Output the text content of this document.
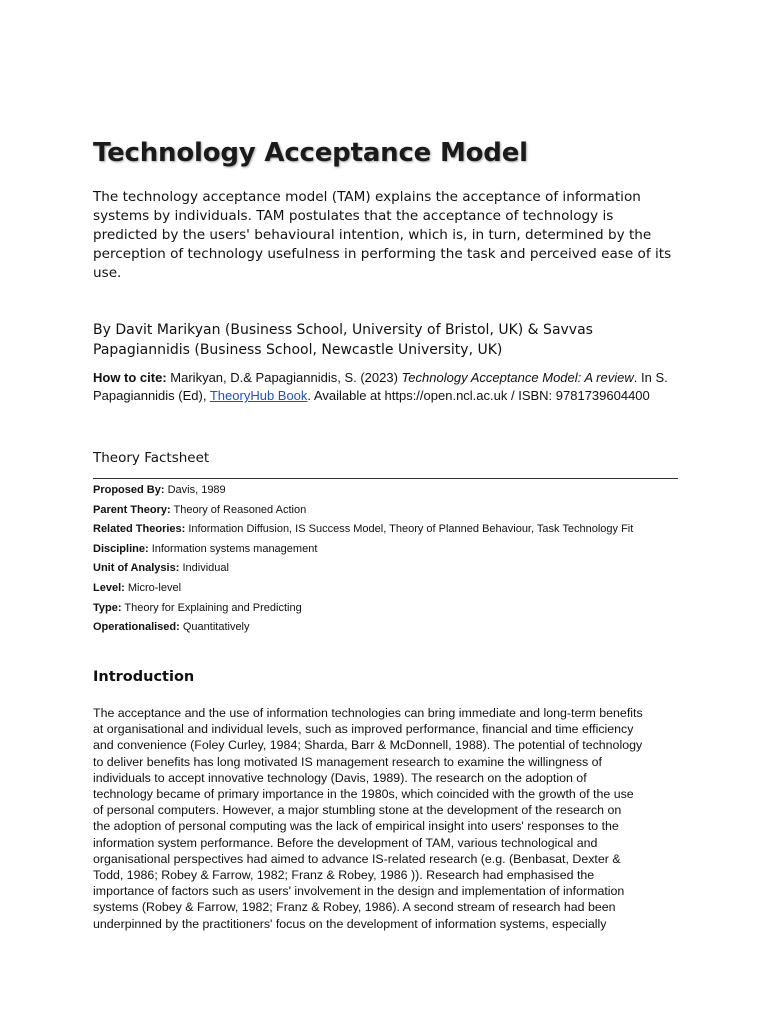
Technology Acceptance Model

The technology acceptance model (TAM) explains the acceptance of information systems by individuals. TAM postulates that the acceptance of technology is predicted by the users' behavioural intention, which is, in turn, determined by the perception of technology usefulness in performing the task and perceived ease of its use.

By Davit Marikyan (Business School, University of Bristol, UK) & Savvas Papagiannidis (Business School, Newcastle University, UK)

How to cite: Marikyan, D.& Papagiannidis, S. (2023) Technology Acceptance Model: A review. In S. Papagiannidis (Ed), TheoryHub Book. Available at https://open.ncl.ac.uk / ISBN: 9781739604400

Theory Factsheet
Proposed By: Davis, 1989
Parent Theory: Theory of Reasoned Action
Related Theories: Information Diffusion, IS Success Model, Theory of Planned Behaviour, Task Technology Fit
Discipline: Information systems management
Unit of Analysis: Individual
Level: Micro-level
Type: Theory for Explaining and Predicting
Operationalised: Quantitatively
Introduction

The acceptance and the use of information technologies can bring immediate and long-term benefits
at organisational and individual levels, such as improved performance, financial and time efficiency
and convenience (Foley Curley, 1984; Sharda, Barr & McDonnell, 1988). The potential of technology
to deliver benefits has long motivated IS management research to examine the willingness of
individuals to accept innovative technology (Davis, 1989). The research on the adoption of
technology became of primary importance in the 1980s, which coincided with the growth of the use
of personal computers. However, a major stumbling stone at the development of the research on
the adoption of personal computing was the lack of empirical insight into users' responses to the
information system performance. Before the development of TAM, various technological and
organisational perspectives had aimed to advance IS-related research (e.g. (Benbasat, Dexter &
Todd, 1986; Robey & Farrow, 1982; Franz & Robey, 1986 )). Research had emphasised the
importance of factors such as users' involvement in the design and implementation of information
systems (Robey & Farrow, 1982; Franz & Robey, 1986). A second stream of research had been
underpinned by the practitioners' focus on the development of information systems, especially
